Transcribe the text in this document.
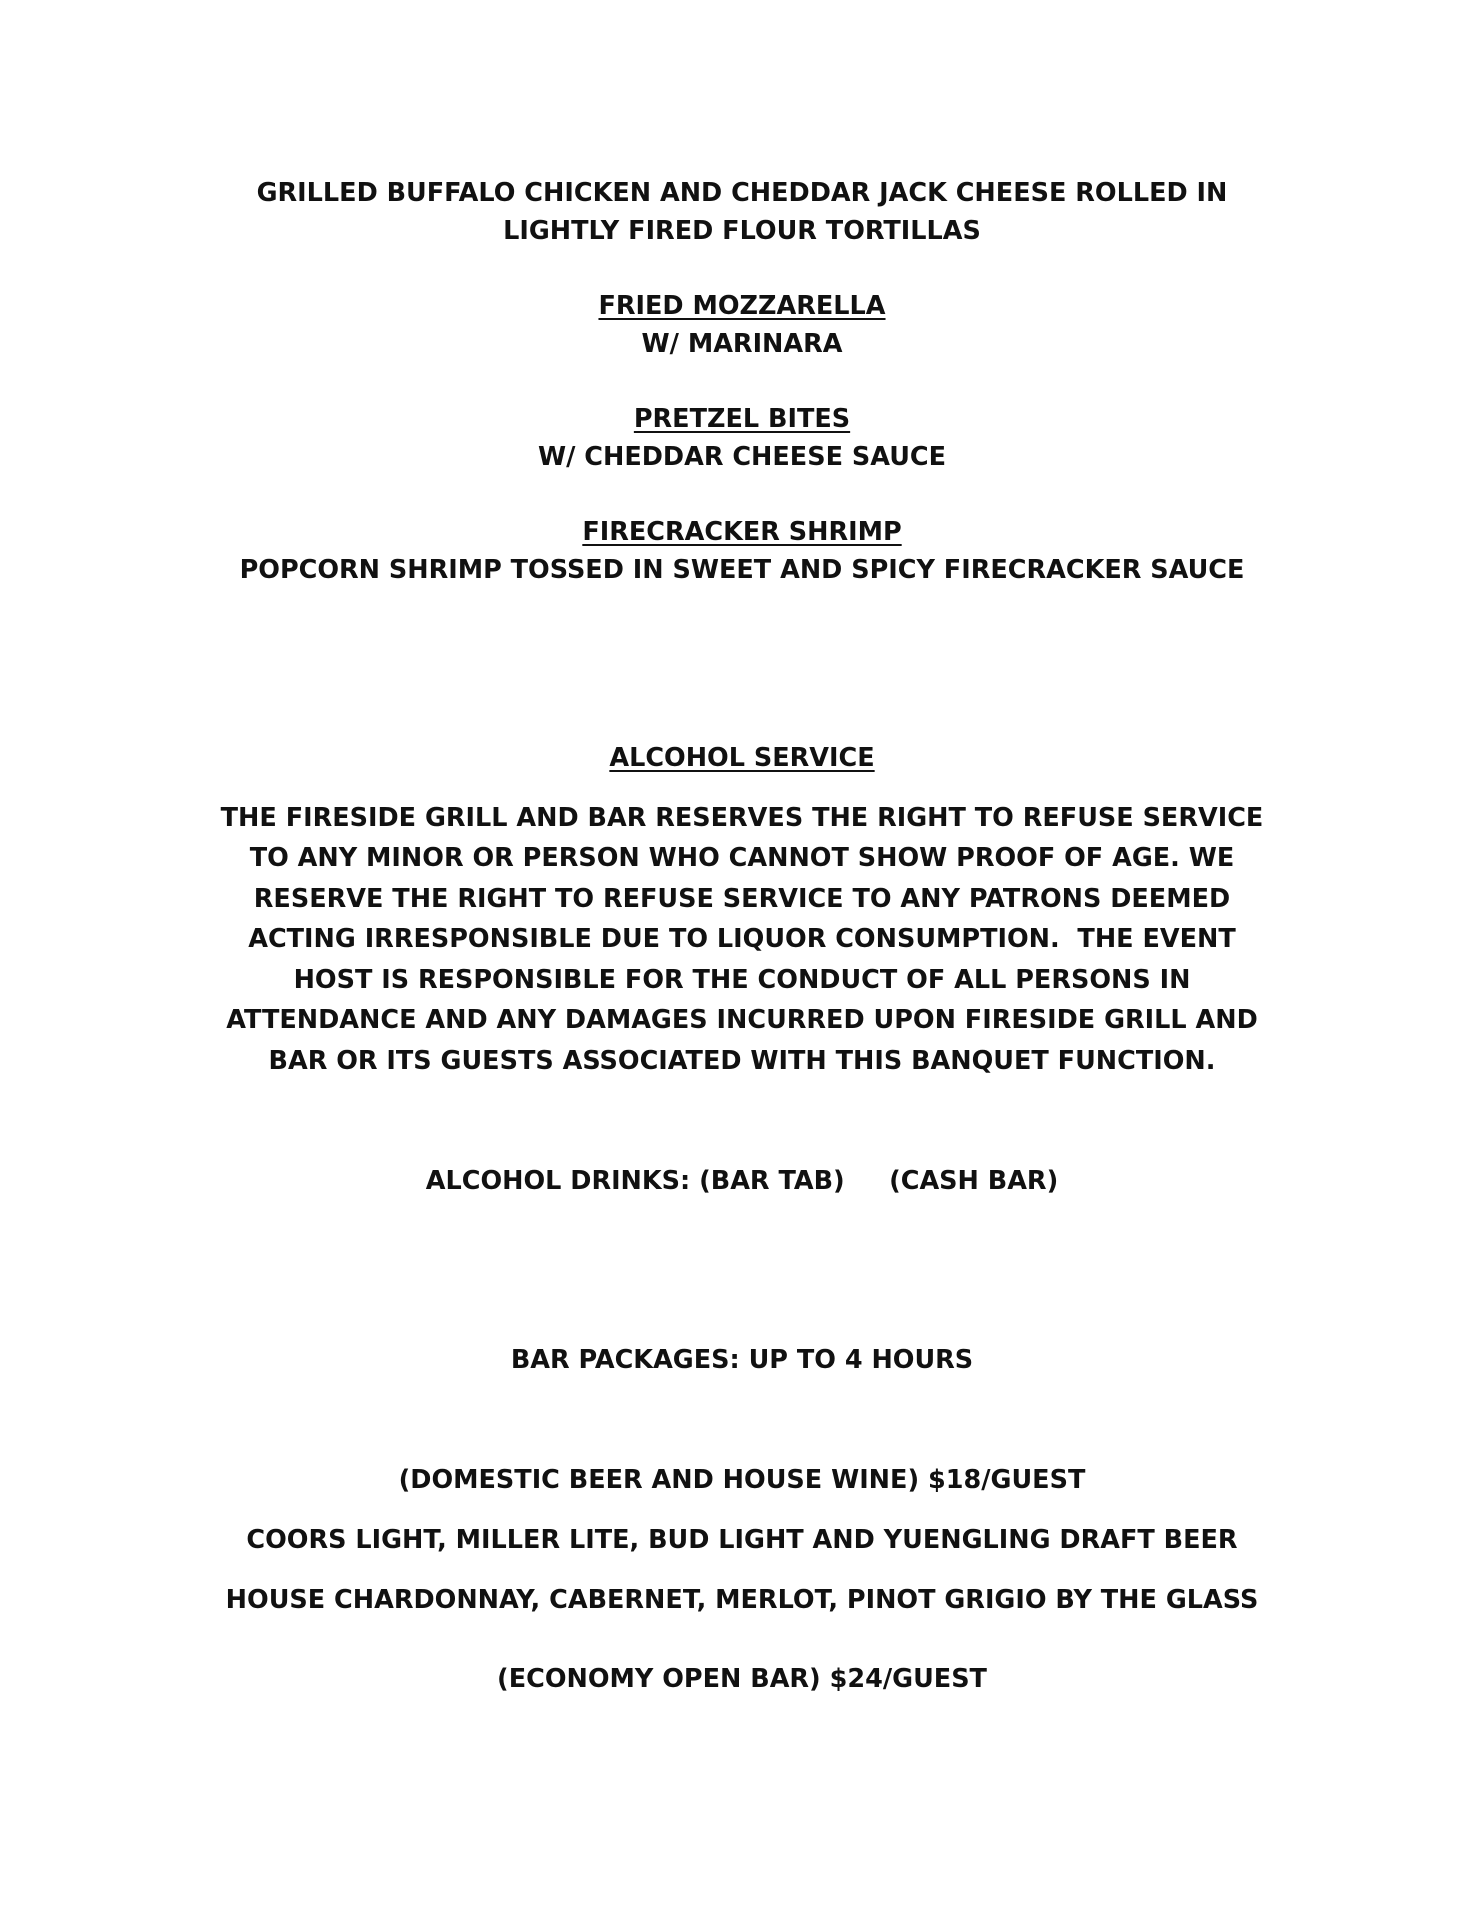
GRILLED BUFFALO CHICKEN AND CHEDDAR JACK CHEESE ROLLED IN
LIGHTLY FIRED FLOUR TORTILLAS
FRIED MOZZARELLA
W/ MARINARA
PRETZEL BITES
W/ CHEDDAR CHEESE SAUCE
FIRECRACKER SHRIMP
POPCORN SHRIMP TOSSED IN SWEET AND SPICY FIRECRACKER SAUCE
ALCOHOL SERVICE
THE FIRESIDE GRILL AND BAR RESERVES THE RIGHT TO REFUSE SERVICE
TO ANY MINOR OR PERSON WHO CANNOT SHOW PROOF OF AGE. WE
RESERVE THE RIGHT TO REFUSE SERVICE TO ANY PATRONS DEEMED
ACTING IRRESPONSIBLE DUE TO LIQUOR CONSUMPTION.  THE EVENT
HOST IS RESPONSIBLE FOR THE CONDUCT OF ALL PERSONS IN
ATTENDANCE AND ANY DAMAGES INCURRED UPON FIRESIDE GRILL AND
BAR OR ITS GUESTS ASSOCIATED WITH THIS BANQUET FUNCTION.
ALCOHOL DRINKS: (BAR TAB)     (CASH BAR)
BAR PACKAGES: UP TO 4 HOURS
(DOMESTIC BEER AND HOUSE WINE) $18/GUEST
COORS LIGHT, MILLER LITE, BUD LIGHT AND YUENGLING DRAFT BEER
HOUSE CHARDONNAY, CABERNET, MERLOT, PINOT GRIGIO BY THE GLASS
(ECONOMY OPEN BAR) $24/GUEST
